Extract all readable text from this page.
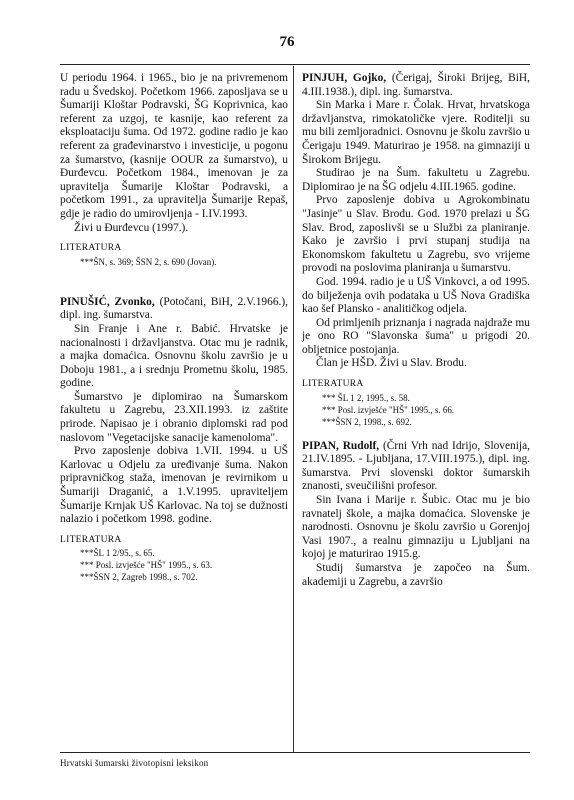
76

U periodu 1964. i 1965., bio je na privremenom radu u Švedskoj. Početkom 1966. zaposljava se u Šumariji Kloštar Podravski, ŠG Koprivnica, kao referent za uzgoj, te kasnije, kao referent za eksploataciju šuma. Od 1972. godine radio je kao referent za građevinarstvo i investicije, u pogonu za šumarstvo, (kasnije OOUR za šumarstvo), u Đurđevcu. Početkom 1984., imenovan je za upravitelja Šumarije Kloštar Podravski, a početkom 1991., za upravitelja Šumarije Repaš, gdje je radio do umirovljenja - I.IV.1993.

Živi u Đurđevcu (1997.).

LITERATURA
***ŠN, s. 369; ŠSN 2, s. 690 (Jovan).

PINUŠIĆ, Zvonko, (Potočani, BiH, 2.V.1966.), dipl. ing. šumarstva.

Sin Franje i Ane r. Babić. Hrvatske je nacionalnosti i državljanstva. Otac mu je radnik, a majka domaćica. Osnovnu školu završio je u Doboju 1981., a i srednju Prometnu školu, 1985. godine.

Šumarstvo je diplomirao na Šumarskom fakultetu u Zagrebu, 23.XII.1993. iz zaštite prirode. Napisao je i obranio diplomski rad pod naslovom "Vegetacijske sanacije kamenoloma".

Prvo zaposlenje dobiva 1.VII. 1994. u UŠ Karlovac u Odjelu za uređivanje šuma. Nakon pripravničkog staža, imenovan je revirnikom u Šumariji Draganić, a 1.V.1995. upraviteljem Šumarije Krnjak UŠ Karlovac. Na toj se dužnosti nalazio i početkom 1998. godine.

LITERATURA
***ŠL 1 2/95., s. 65.
*** Posl. izvješće "HŠ" 1995., s. 63.
***ŠSN 2, Zagreb 1998., s. 702.

PINJUH, Gojko, (Čerigaj, Široki Brijeg, BiH, 4.III.1938.), dipl. ing. šumarstva.

Sin Marka i Mare r. Čolak. Hrvat, hrvatskoga državljanstva, rimokatoličke vjere. Roditelji su mu bili zemljoradnici. Osnovnu je školu završio u Čerigaju 1949. Maturirao je 1958. na gimnaziji u Širokom Brijegu.

Studirao je na Šum. fakultetu u Zagrebu. Diplomirao je na ŠG odjelu 4.III.1965. godine.

Prvo zaposlenje dobiva u Agrokombinatu "Jasinje" u Slav. Brodu. God. 1970 prelazi u ŠG Slav. Brod, zaposlivši se u Službi za planiranje. Kako je završio i prvi stupanj studija na Ekonomskom fakultetu u Zagrebu, svo vrijeme provodi na poslovima planiranja u šumarstvu.

God. 1994. radio je u UŠ Vinkovci, a od 1995. do bilježenja ovih podataka u UŠ Nova Gradiška kao šef Plansko - analitičkog odjela.

Od primljenih priznanja i nagrada najdraže mu je ono RO "Slavonska šuma" u prigodi 20. obljetnice postojanja.

Član je HŠD. Živi u Slav. Brodu.

LITERATURA
*** ŠL 1 2, 1995., s. 58.
*** Posl. izvješće "HŠ" 1995., s. 66.
***ŠSN 2, 1998., s. 692.

PIPAN, Rudolf, (Črni Vrh nad Idrijo, Slovenija, 21.IV.1895. - Ljubljana, 17.VIII.1975.), dipl. ing. šumarstva. Prvi slovenski doktor šumarskih znanosti, sveučilišni profesor.

Sin Ivana i Marije r. Šubic. Otac mu je bio ravnatelj škole, a majka domaćica. Slovenske je narodnosti. Osnovnu je školu završio u Gorenjoj Vasi 1907., a realnu gimnaziju u Ljubljani na kojoj je maturirao 1915.g.

Studij šumarstva je započeo na Šum. akademiji u Zagrebu, a završio

Hrvatski šumarski životopisni leksikon
